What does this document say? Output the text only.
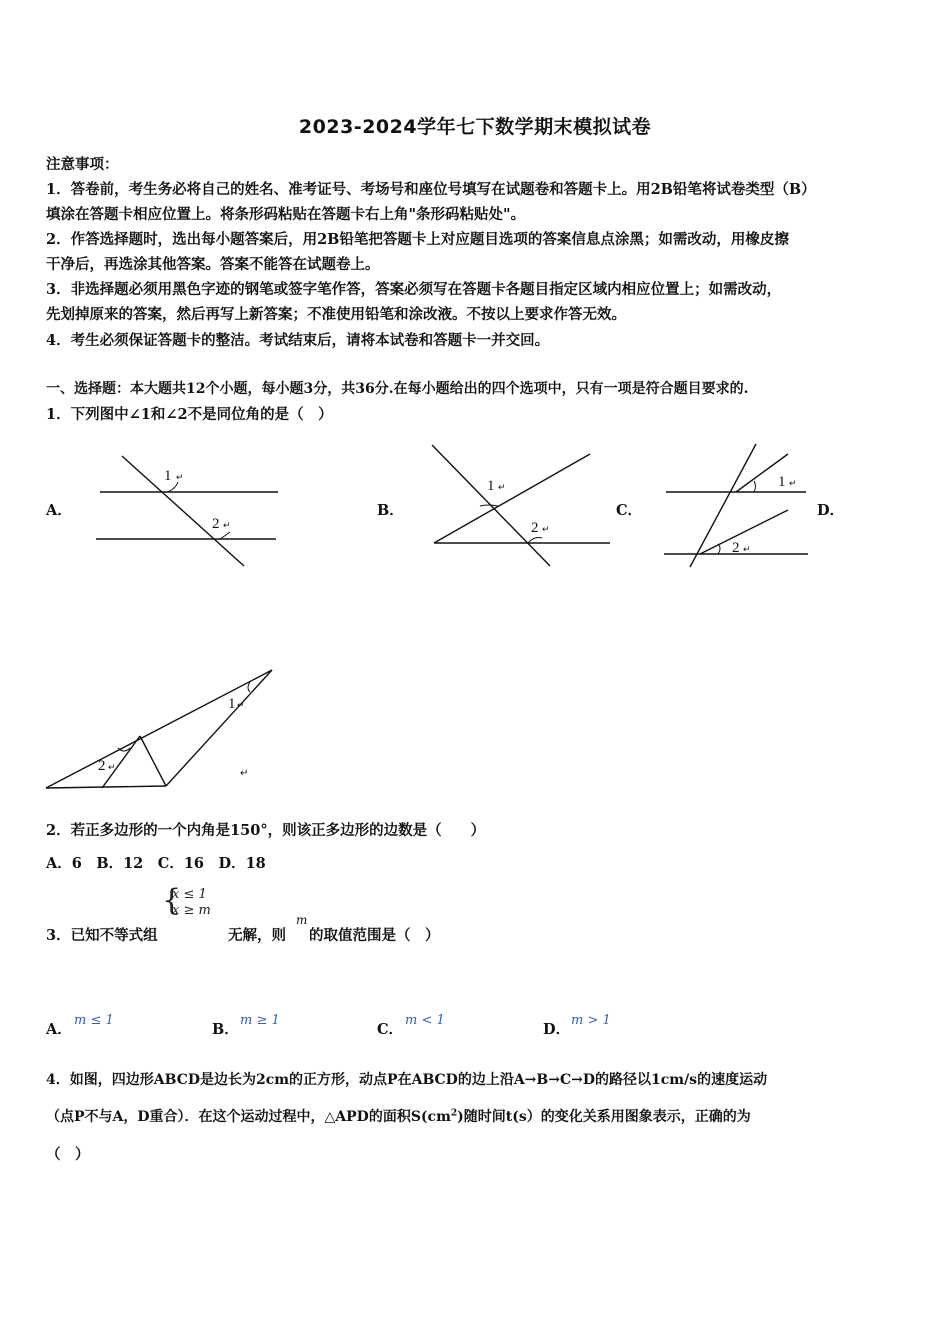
2023-2024学年七下数学期末模拟试卷
注意事项：
1．答卷前，考生务必将自己的姓名、准考证号、考场号和座位号填写在试题卷和答题卡上。用2B铅笔将试卷类型（B）
填涂在答题卡相应位置上。将条形码粘贴在答题卡右上角"条形码粘贴处"。
2．作答选择题时，选出每小题答案后，用2B铅笔把答题卡上对应题目选项的答案信息点涂黑；如需改动，用橡皮擦
干净后，再选涂其他答案。答案不能答在试题卷上。
3．非选择题必须用黑色字迹的钢笔或签字笔作答，答案必须写在答题卡各题目指定区域内相应位置上；如需改动，
先划掉原来的答案，然后再写上新答案；不准使用铅笔和涂改液。不按以上要求作答无效。
4．考生必须保证答题卡的整洁。考试结束后，请将本试卷和答题卡一并交回。
一、选择题：本大题共12个小题，每小题3分，共36分.在每小题给出的四个选项中，只有一项是符合题目要求的.
1．下列图中∠1和∠2不是同位角的是（　）
A．	B．	C．	D．
1 ↵
2 ↵
1 ↵
2 ↵
1 ↵
2 ↵
1 ↵
2 ↵
↵
2．若正多边形的一个内角是150°，则该正多边形的边数是（　　）
A．6　B．12　C．16　D．18
{
x ≤ 1
x ≥ m
3．已知不等式组	无解，则
m
的取值范围是（　）
A．
m ≤ 1
B．
m ≥ 1
C．
m < 1
D．
m > 1
4．如图，四边形ABCD是边长为2cm的正方形，动点P在ABCD的边上沿A→B→C→D的路径以1cm/s的速度运动
（点P不与A，D重合）．在这个运动过程中，△APD的面积$S(cm^2)$随时间t(s）的变化关系用图象表示，正确的为
（　）
